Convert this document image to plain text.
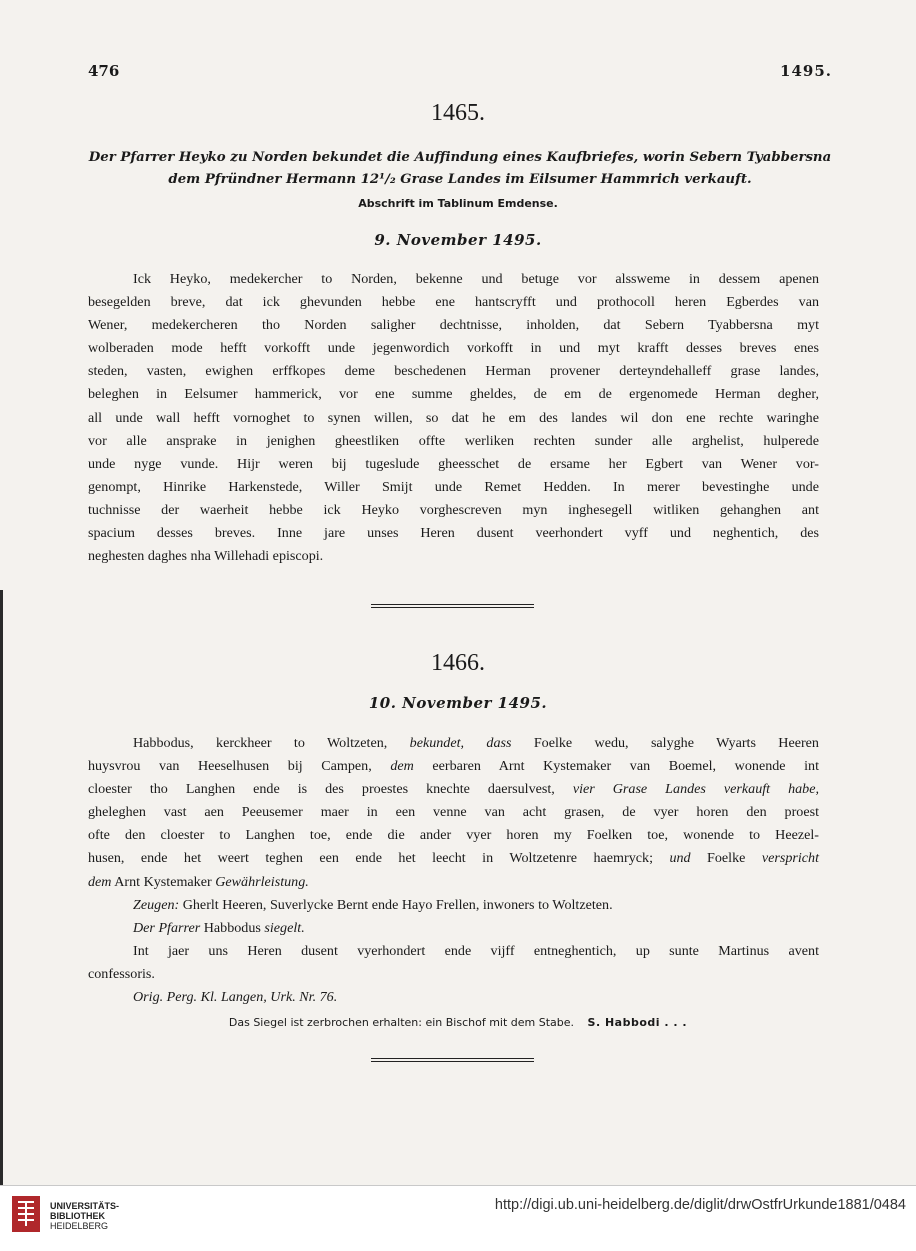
476	1495.
1465.
Der Pfarrer Heyko zu Norden bekundet die Auffindung eines Kaufbriefes, worin Sebern Tyabbersna
dem Pfründner Hermann 12¹/₂ Grase Landes im Eilsumer Hammrich verkauft.
Abschrift im Tablinum Emdense.
9. November 1495.
Ick Heyko, medekercher to Norden, bekenne und betuge vor alssweme in dessem apenen
besegelden breve, dat ick ghevunden hebbe ene hantscryfft und prothocoll heren Egberdes van
Wener, medekercheren tho Norden saligher dechtnisse, inholden, dat Sebern Tyabbersna myt
wolberaden mode hefft vorkofft unde jegenwordich vorkofft in und myt krafft desses breves enes
steden, vasten, ewighen erffkopes deme beschedenen Herman provener derteyndehalleff grase landes,
beleghen in Eelsumer hammerick, vor ene summe gheldes, de em de ergenomede Herman degher,
all unde wall hefft vornoghet to synen willen, so dat he em des landes wil don ene rechte waringhe
vor alle ansprake in jenighen gheestliken offte werliken rechten sunder alle arghelist, hulperede
unde nyge vunde. Hijr weren bij tugeslude gheesschet de ersame her Egbert van Wener vor-
genompt, Hinrike Harkenstede, Willer Smijt unde Remet Hedden. In merer bevestinghe unde
tuchnisse der waerheit hebbe ick Heyko vorghescreven myn inghesegell witliken gehanghen ant
spacium desses breves. Inne jare unses Heren dusent veerhondert vyff und neghentich, des
neghesten daghes nha Willehadi episcopi.
1466.
10. November 1495.
Habbodus, kerckheer to Woltzeten, bekundet, dass Foelke wedu, salyghe Wyarts Heeren
huysvrou van Heeselhusen bij Campen, dem eerbaren Arnt Kystemaker van Boemel, wonende int
cloester tho Langhen ende is des proestes knechte daersulvest, vier Grase Landes verkauft habe,
gheleghen vast aen Peeusemer maer in een venne van acht grasen, de vyer horen den proest
ofte den cloester to Langhen toe, ende die ander vyer horen my Foelken toe, wonende to Heezel-
husen, ende het weert teghen een ende het leecht in Woltzetenre haemryck; und Foelke verspricht
dem Arnt Kystemaker Gewährleistung.
Zeugen: Gherlt Heeren, Suverlycke Bernt ende Hayo Frellen, inwoners to Woltzeten.
Der Pfarrer Habbodus siegelt.
Int jaer uns Heren dusent vyerhondert ende vijff entneghentich, up sunte Martinus avent
confessoris.
Orig. Perg. Kl. Langen, Urk. Nr. 76.
Das Siegel ist zerbrochen erhalten: ein Bischof mit dem Stabe. S. Habbodi . . .
UNIVERSITÄTS-
BIBLIOTHEK
HEIDELBERG
http://digi.ub.uni-heidelberg.de/diglit/drwOstfrUrkunde1881/0484
